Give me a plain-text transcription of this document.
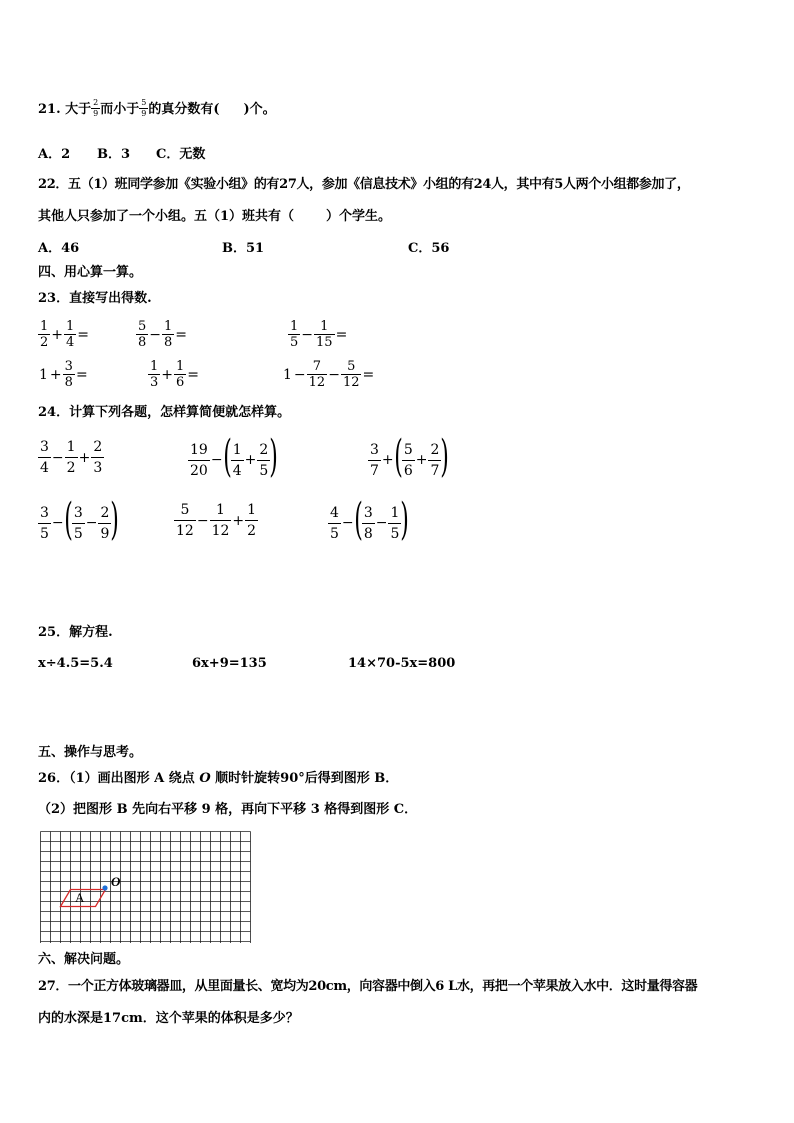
21. 大于 $\frac{2}{9}$ 而小于 $\frac{5}{9}$ 的真分数有( )个。
A．2 B．3 C．无数
22．五（1）班同学参加《实验小组》的有27人，参加《信息技术》小组的有24人，其中有5人两个小组都参加了，
其他人只参加了一个小组。五（1）班共有（ ）个学生。
A．46	B．51	C．56
四、用心算一算。
23．直接写出得数.
$\frac{1}{2} + \frac{1}{4}$ =	$\frac{5}{8} - \frac{1}{8}$ =	$\frac{1}{5} - \frac{1}{15}$ =
$1 + \frac{3}{8}$ =	$\frac{1}{3} + \frac{1}{6}$ =	$1 - \frac{7}{12} - \frac{5}{12}$ =
24．计算下列各题，怎样算简便就怎样算。
$\frac{3}{4} - \frac{1}{2} + \frac{2}{3}$	$\frac{19}{20}$ − ( $\frac{1}{4} + \frac{2}{5}$ )	$\frac{3}{7}$ + ( $\frac{5}{6} + \frac{2}{7}$ )
$\frac{3}{5}$ − ( $\frac{3}{5} - \frac{2}{9}$ )	$\frac{5}{12} - \frac{1}{12} + \frac{1}{2}$	$\frac{4}{5}$ − ( $\frac{3}{8} - \frac{1}{5}$ )
25．解方程.
x÷4.5=5.4	6x+9=135	14×70-5x=800
五、操作与思考。
26．（1）画出图形 A 绕点 O 顺时针旋转90°后得到图形 B．
（2）把图形 B 先向右平移 9 格，再向下平移 3 格得到图形 C．
A
O
六、解决问题。
27．一个正方体玻璃器皿，从里面量长、宽均为20cm，向容器中倒入6 L水，再把一个苹果放入水中．这时量得容器
内的水深是17cm．这个苹果的体积是多少？
